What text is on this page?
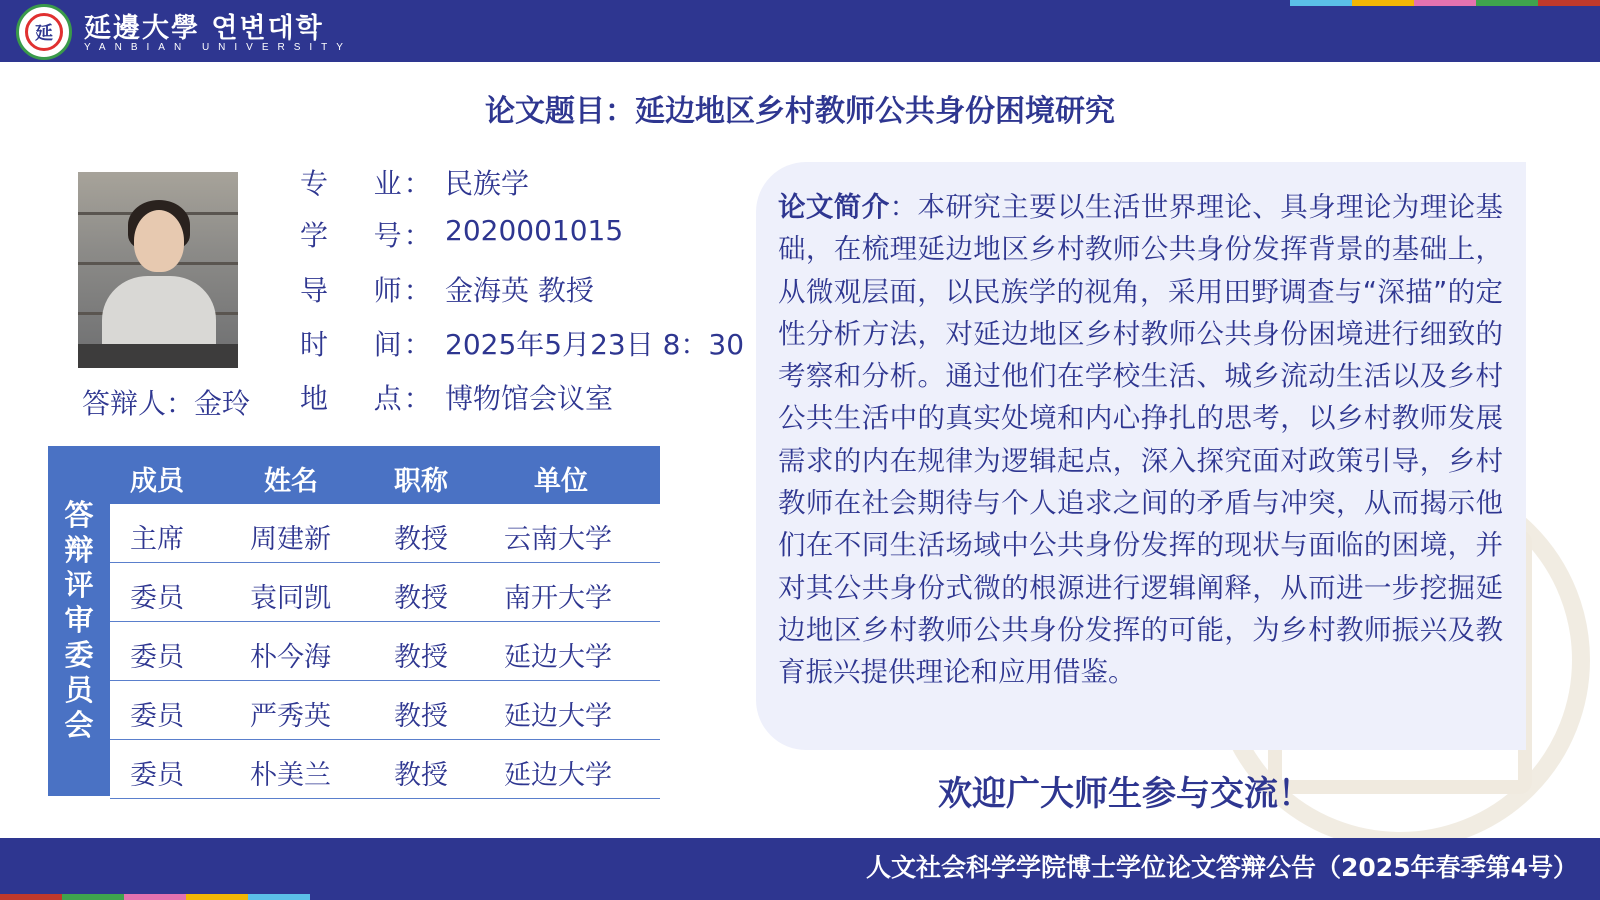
延	延邊大學 연변대학
YANBIAN UNIVERSITY
论文题目：延边地区乡村教师公共身份困境研究
答辩人：金玲
专    业： 民族学
学    号： 2020001015
导    师： 金海英 教授
时    间： 2025年5月23日 8：30
地    点： 博物馆会议室
答辩评审委员会
成员	姓名	职称	单位
主席 周建新 教授 云南大学
委员 袁同凯 教授 南开大学
委员 朴今海 教授 延边大学
委员 严秀英 教授 延边大学
委员 朴美兰 教授 延边大学
论文简介：本研究主要以生活世界理论、具身理论为理论基础，在梳理延边地区乡村教师公共身份发挥背景的基础上，从微观层面，以民族学的视角，采用田野调查与“深描”的定性分析方法，对延边地区乡村教师公共身份困境进行细致的考察和分析。通过他们在学校生活、城乡流动生活以及乡村公共生活中的真实处境和内心挣扎的思考，以乡村教师发展需求的内在规律为逻辑起点，深入探究面对政策引导，乡村教师在社会期待与个人追求之间的矛盾与冲突，从而揭示他们在不同生活场域中公共身份发挥的现状与面临的困境，并对其公共身份式微的根源进行逻辑阐释，从而进一步挖掘延边地区乡村教师公共身份发挥的可能，为乡村教师振兴及教育振兴提供理论和应用借鉴。
欢迎广大师生参与交流！
人文社会科学学院博士学位论文答辩公告（2025年春季第4号）
